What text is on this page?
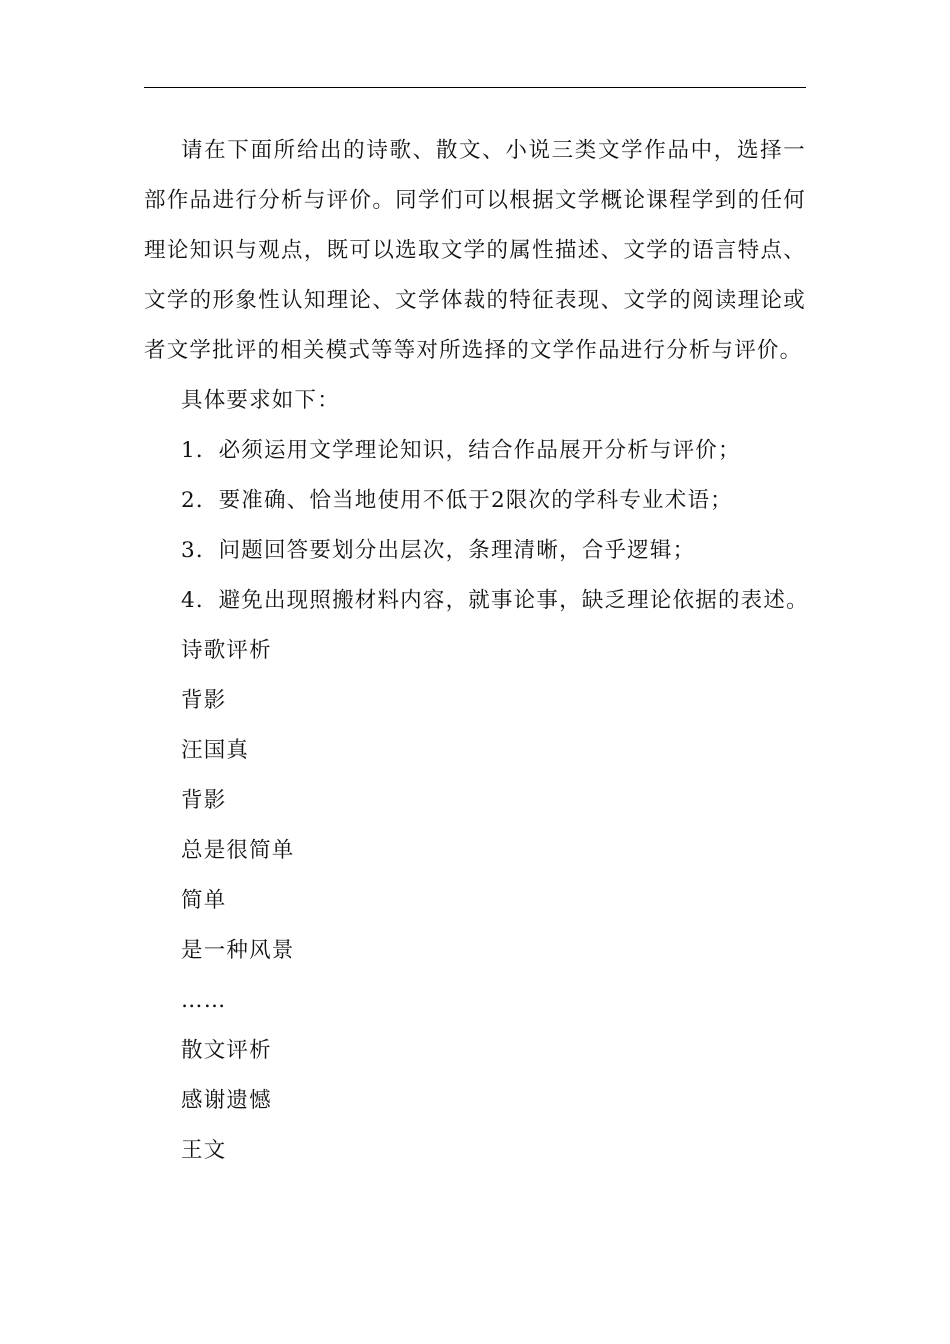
请在下面所给出的诗歌、散文、小说三类文学作品中，选择一部作品进行分析与评价。同学们可以根据文学概论课程学到的任何理论知识与观点，既可以选取文学的属性描述、文学的语言特点、文学的形象性认知理论、文学体裁的特征表现、文学的阅读理论或者文学批评的相关模式等等对所选择的文学作品进行分析与评价。

具体要求如下：

1．必须运用文学理论知识，结合作品展开分析与评价；

2．要准确、恰当地使用不低于2限次的学科专业术语；

3．问题回答要划分出层次，条理清晰，合乎逻辑；

4．避免出现照搬材料内容，就事论事，缺乏理论依据的表述。

诗歌评析

背影

汪国真

背影

总是很简单

简单

是一种风景

……

散文评析

感谢遗憾

王文
